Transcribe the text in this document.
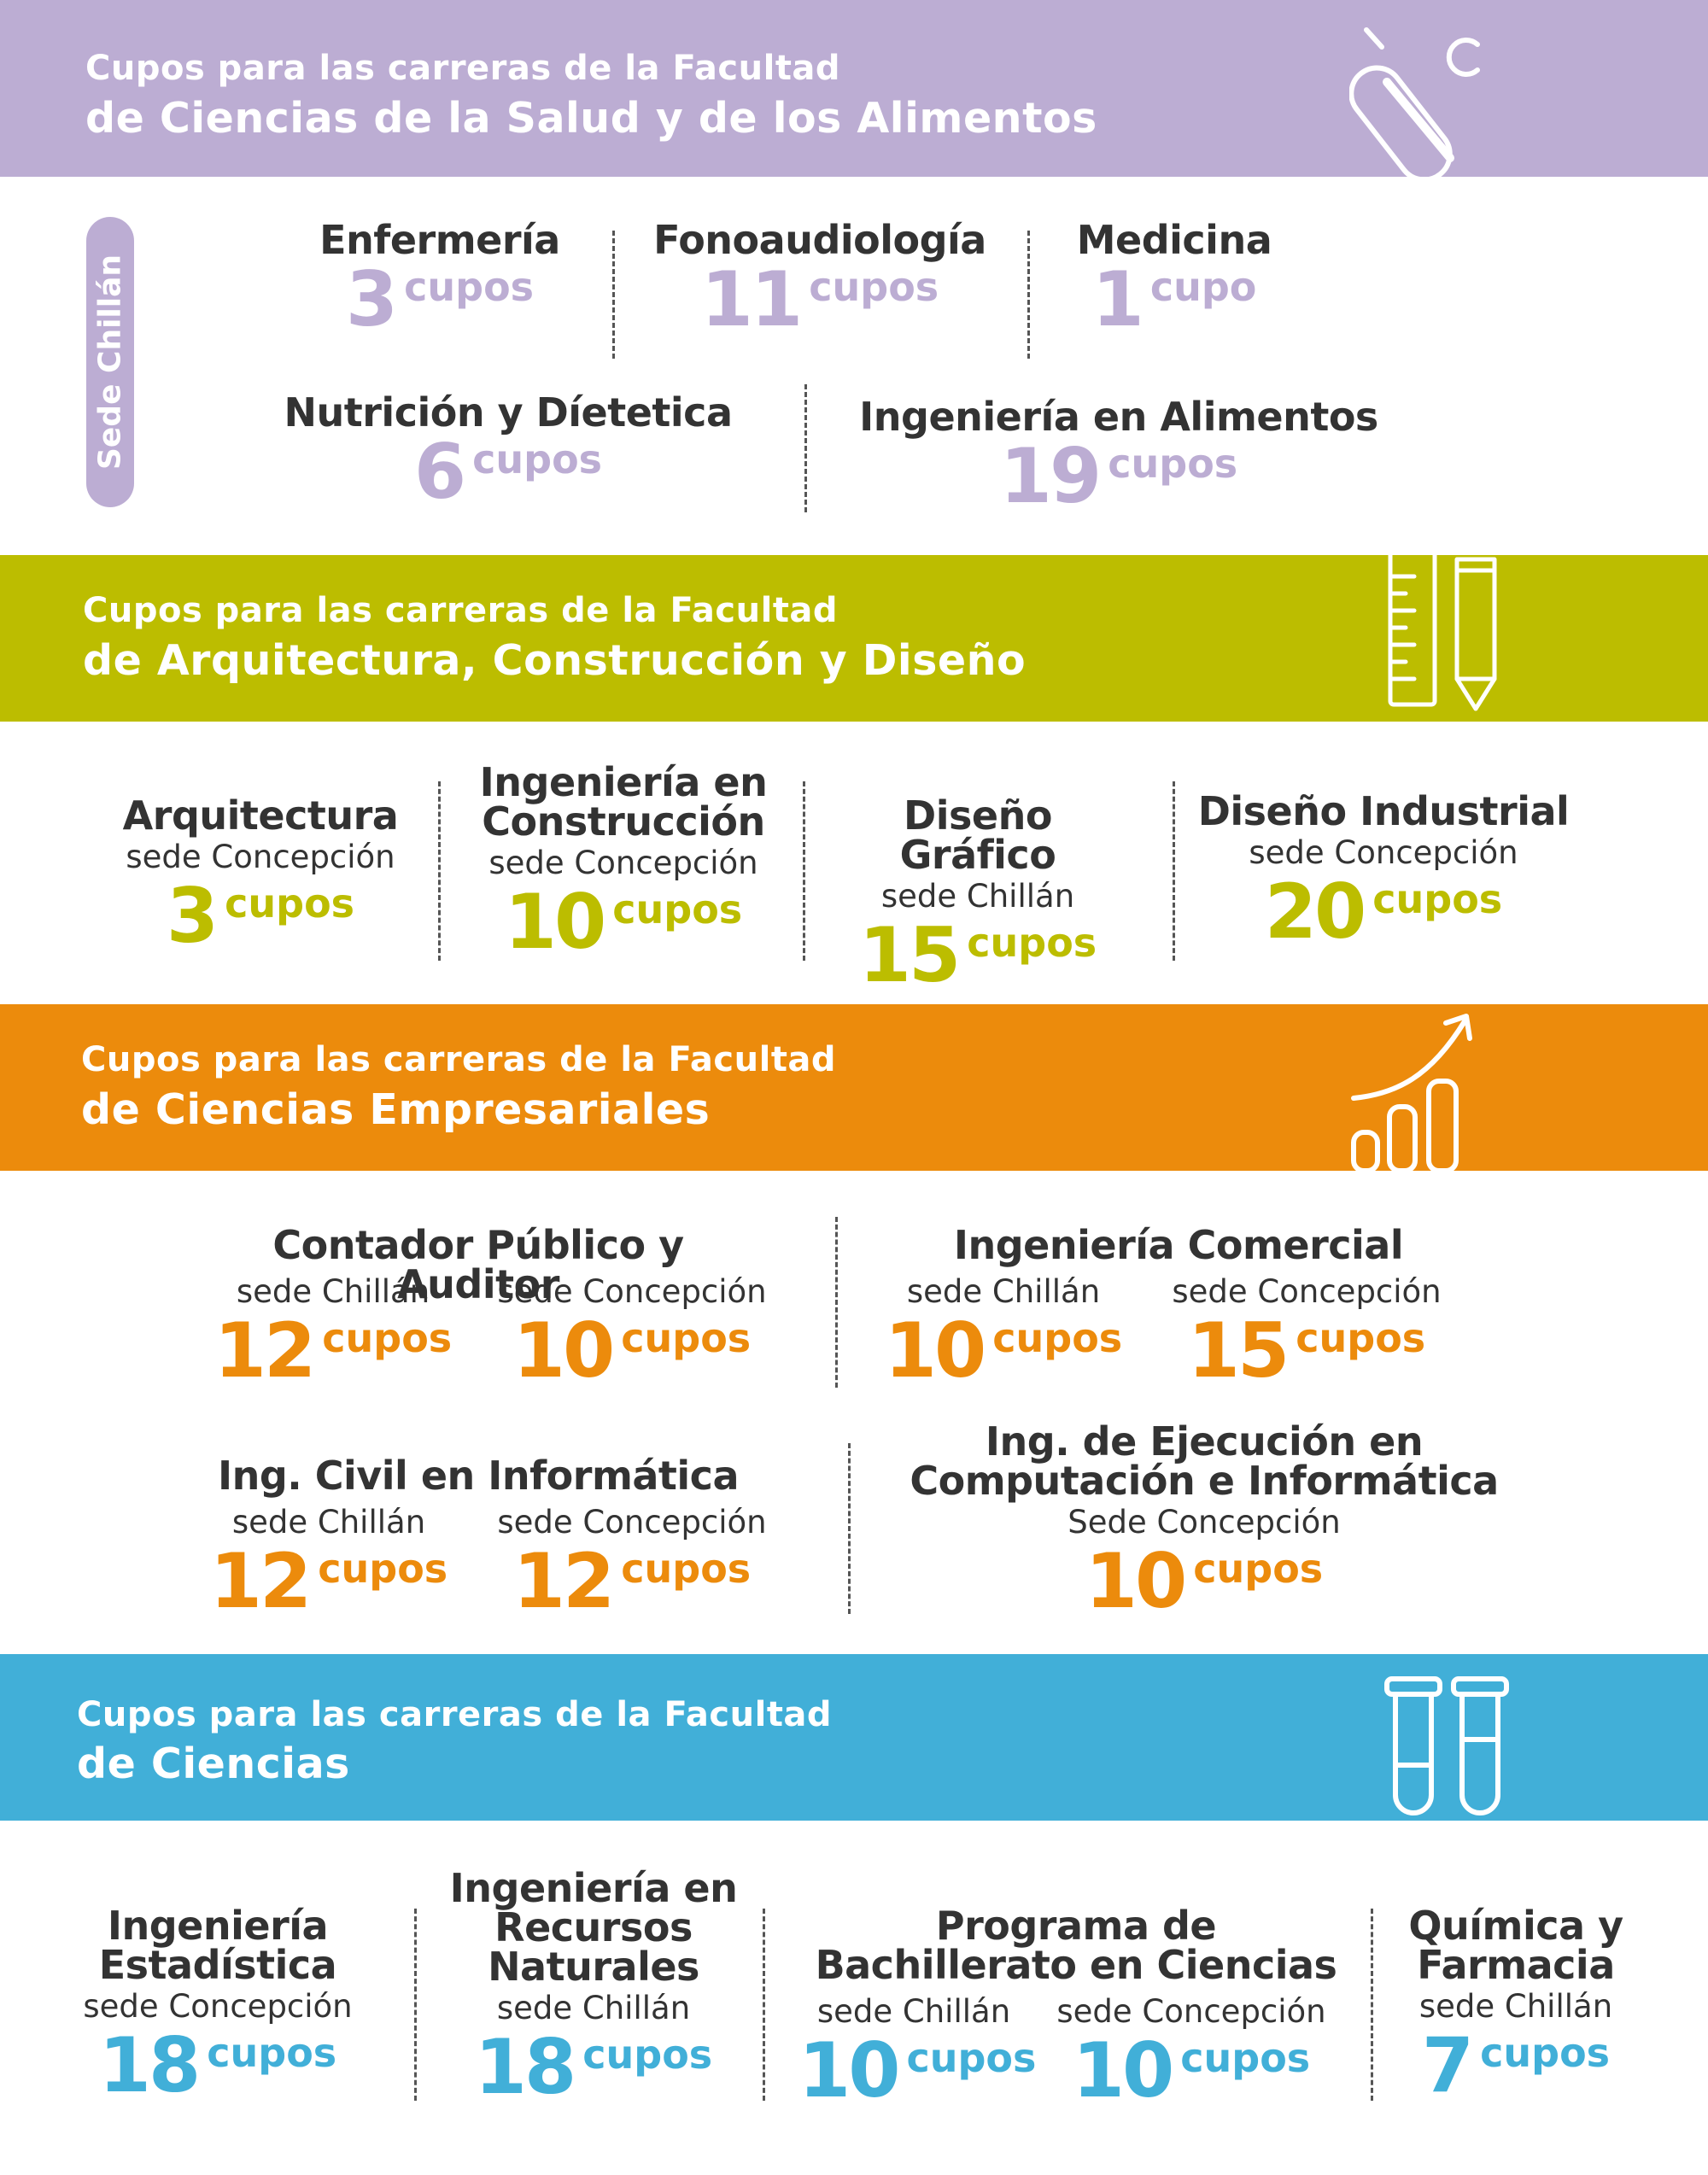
Cupos para las carreras de la Facultad
de Ciencias de la Salud y de los Alimentos
Sede Chillán
Enfermería
3 cupos
Fonoaudiología
11 cupos
Medicina
1 cupo
Nutrición y Díetetica
6 cupos
Ingeniería en Alimentos
19 cupos
Cupos para las carreras de la Facultad
de Arquitectura, Construcción y Diseño
Arquitectura
sede Concepción
3 cupos
Ingeniería en
Construcción
sede Concepción
10 cupos
Diseño Gráfico
sede Chillán
15 cupos
Diseño Industrial
sede Concepción
20 cupos
Cupos para las carreras de la Facultad
de Ciencias Empresariales
Contador Público y Auditor
sede Chillán
12 cupos
sede Concepción
10 cupos
Ingeniería Comercial
sede Chillán
10 cupos
sede Concepción
15 cupos
Ing. Civil en Informática
sede Chillán
12 cupos
sede Concepción
12 cupos
Ing. de Ejecución en
Computación e Informática
Sede Concepción
10 cupos
Cupos para las carreras de la Facultad
de Ciencias
Ingeniería
Estadística
sede Concepción
18 cupos
Ingeniería en
Recursos
Naturales
sede Chillán
18 cupos
Programa de
Bachillerato en Ciencias
sede Chillán
10 cupos
sede Concepción
10 cupos
Química y
Farmacia
sede Chillán
7 cupos
